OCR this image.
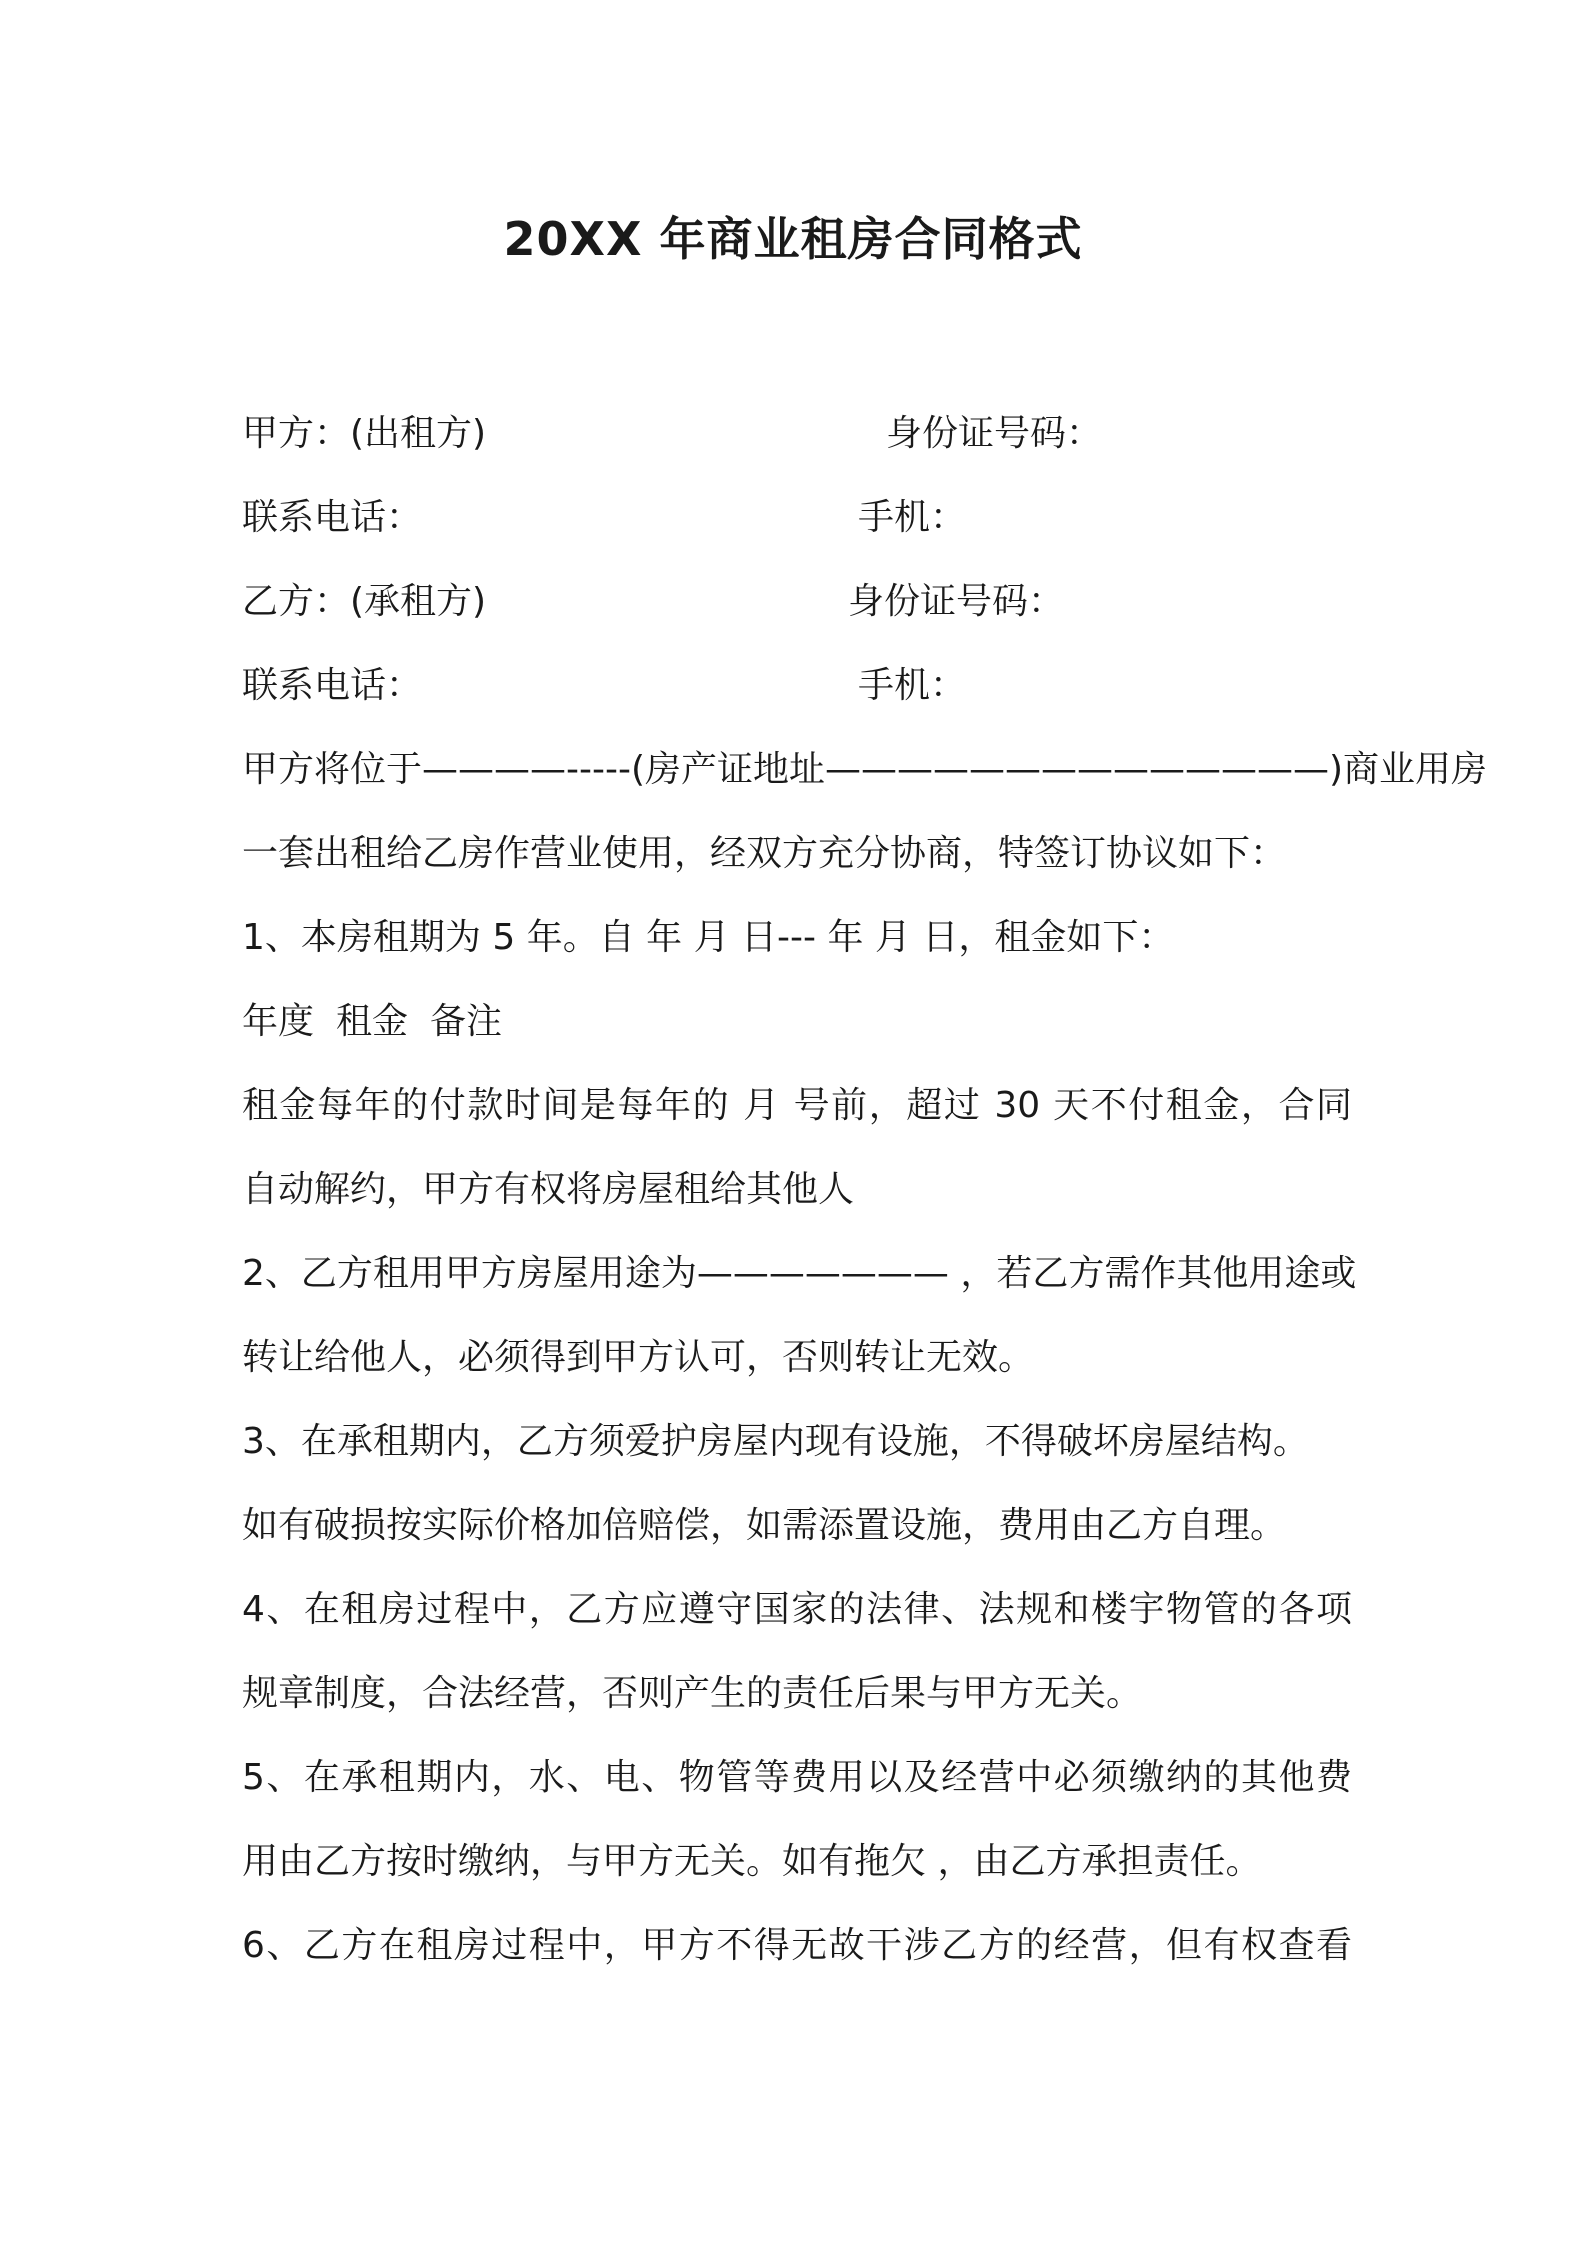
20XX 年商业租房合同格式
甲方：(出租方)	身份证号码：
联系电话：	手机：
乙方：(承租方)	身份证号码：
联系电话：	手机：
甲方将位于————-----(房产证地址——————————————)商业用房
一套出租给乙房作营业使用，经双方充分协商，特签订协议如下：
1、本房租期为 5 年。自 年 月 日--- 年 月 日，租金如下：
年度 租金 备注
租金每年的付款时间是每年的 月 号前，超过 30 天不付租金，合同
自动解约，甲方有权将房屋租给其他人
2、乙方租用甲方房屋用途为——————— ，若乙方需作其他用途或
转让给他人，必须得到甲方认可，否则转让无效。
3、在承租期内，乙方须爱护房屋内现有设施，不得破坏房屋结构。
如有破损按实际价格加倍赔偿，如需添置设施，费用由乙方自理。
4、在租房过程中，乙方应遵守国家的法律、法规和楼宇物管的各项
规章制度，合法经营，否则产生的责任后果与甲方无关。
5、在承租期内，水、电、物管等费用以及经营中必须缴纳的其他费
用由乙方按时缴纳，与甲方无关。如有拖欠 ，由乙方承担责任。
6、乙方在租房过程中，甲方不得无故干涉乙方的经营，但有权查看
